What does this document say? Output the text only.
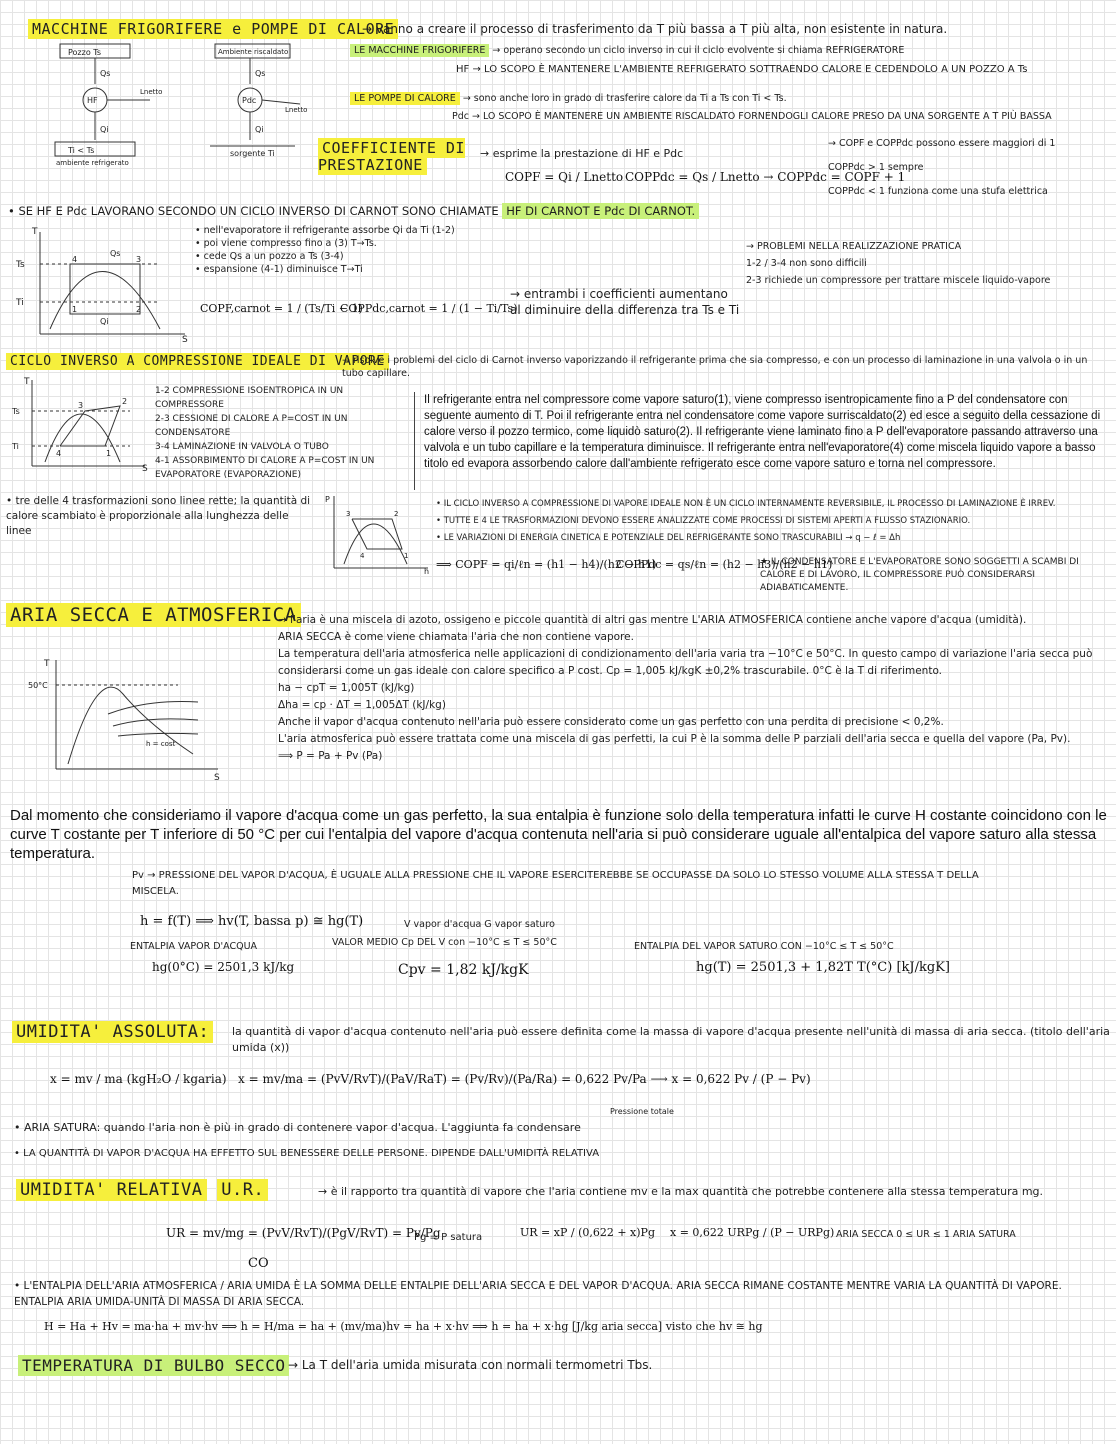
MACCHINE FRIGORIFERE e POMPE DI CALORE
→ vanno a creare il processo di trasferimento da T più bassa a T più alta, non esistente in natura.
Pozzo Ts
Qs
HF
Lnetto
Qi
Ti < Ts
ambiente refrigerato
Ambiente riscaldato
Qs
Pdc
Lnetto
Qi
sorgente Ti
LE MACCHINE FRIGORIFERE → operano secondo un ciclo inverso in cui il ciclo evolvente si chiama REFRIGERATORE
HF → LO SCOPO È MANTENERE L'AMBIENTE REFRIGERATO SOTTRAENDO CALORE E CEDENDOLO A UN POZZO A Ts
LE POMPE DI CALORE → sono anche loro in grado di trasferire calore da Ti a Ts con Ti < Ts.
Pdc → LO SCOPO È MANTENERE UN AMBIENTE RISCALDATO FORNENDOGLI CALORE PRESO DA UNA SORGENTE A T PIÙ BASSA
COEFFICIENTE DI PRESTAZIONE
→ esprime la prestazione di HF e Pdc
COPF = Qi / Lnetto COPPdc = Qs / Lnetto → COPPdc = COPF + 1
→ COPF e COPPdc possono essere maggiori di 1
COPPdc > 1 sempre
COPPdc < 1 funziona come una stufa elettrica
• SE HF E Pdc LAVORANO SECONDO UN CICLO INVERSO DI CARNOT SONO CHIAMATE HF DI CARNOT E Pdc DI CARNOT.
T
S
Ts
Ti
Qs
Qi
1	2
3
4
• nell'evaporatore il refrigerante assorbe Qi da Ti (1-2)
• poi viene compresso fino a (3) T→Ts.
• cede Qs a un pozzo a Ts (3-4)
• espansione (4-1) diminuisce T→Ti
COPF,carnot = 1 / (Ts/Ti − 1)
COPPdc,carnot = 1 / (1 − Ti/Ts)
→ entrambi i coefficienti aumentano al diminuire della differenza tra Ts e Ti
→ PROBLEMI NELLA REALIZZAZIONE PRATICA
1-2 / 3-4 non sono difficili
2-3 richiede un compressore per trattare miscele liquido-vapore
CICLO INVERSO A COMPRESSIONE IDEALE DI VAPORE
→ risolve i problemi del ciclo di Carnot inverso vaporizzando il refrigerante prima che sia compresso, e con un processo di laminazione in una valvola o in un tubo capillare.
T
S
Ts
Ti
1
2
3
4
1-2 COMPRESSIONE ISOENTROPICA IN UN COMPRESSORE
2-3 CESSIONE DI CALORE A P=COST IN UN CONDENSATORE
3-4 LAMINAZIONE IN VALVOLA O TUBO
4-1 ASSORBIMENTO DI CALORE A P=COST IN UN EVAPORATORE (EVAPORAZIONE)
Il refrigerante entra nel compressore come vapore saturo(1), viene compresso isentropicamente fino a P del condensatore con seguente aumento di T. Poi il refrigerante entra nel condensatore come vapore surriscaldato(2) ed esce a seguito della cessazione di calore verso il pozzo termico, come liquidò saturo(2). Il refrigerante viene laminato fino a P dell'evaporatore passando attraverso una valvola e un tubo capillare e la temperatura diminuisce. Il refrigerante entra nell'evaporatore(4) come miscela liquido vapore a basso titolo ed evapora assorbendo calore dall'ambiente refrigerato esce come vapore saturo e torna nel compressore.
• tre delle 4 trasformazioni sono linee rette; la quantità di calore scambiato è proporzionale alla lunghezza delle linee
P
h
1
2
3
4
• IL CICLO INVERSO A COMPRESSIONE DI VAPORE IDEALE NON È UN CICLO INTERNAMENTE REVERSIBILE, IL PROCESSO DI LAMINAZIONE È IRREV.
• TUTTE E 4 LE TRASFORMAZIONI DEVONO ESSERE ANALIZZATE COME PROCESSI DI SISTEMI APERTI A FLUSSO STAZIONARIO.
• LE VARIAZIONI DI ENERGIA CINETICA E POTENZIALE DEL REFRIGERANTE SONO TRASCURABILI → q − ℓ = Δh
⟹ COPF = qi/ℓn = (h1 − h4)/(h2 − h1)
COPPdc = qs/ℓn = (h2 − h3)/(h2 − h1)
★ IL CONDENSATORE E L'EVAPORATORE SONO SOGGETTI A SCAMBI DI CALORE E DI LAVORO, IL COMPRESSORE PUÒ CONSIDERARSI ADIABATICAMENTE.
ARIA SECCA E ATMOSFERICA
T
S
50°C
h = cost
→ l'aria è una miscela di azoto, ossigeno e piccole quantità di altri gas mentre L'ARIA ATMOSFERICA contiene anche vapore d'acqua (umidità).
ARIA SECCA è come viene chiamata l'aria che non contiene vapore.
La temperatura dell'aria atmosferica nelle applicazioni di condizionamento dell'aria varia tra −10°C e 50°C. In questo campo di variazione l'aria secca può considerarsi come un gas ideale con calore specifico a P cost. Cp = 1,005 kJ/kgK ±0,2% trascurabile. 0°C è la T di riferimento.
ha − cpT = 1,005T (kJ/kg)
Δha = cp · ΔT = 1,005ΔT (kJ/kg)
Anche il vapor d'acqua contenuto nell'aria può essere considerato come un gas perfetto con una perdita di precisione < 0,2%.
L'aria atmosferica può essere trattata come una miscela di gas perfetti, la cui P è la somma delle P parziali dell'aria secca e quella del vapore (Pa, Pv).
⟹ P = Pa + Pv (Pa)
Dal momento che consideriamo il vapore d'acqua come un gas perfetto, la sua entalpia è funzione solo della temperatura infatti le curve H costante coincidono con le curve T costante per T inferiore di 50 °C per cui l'entalpia del vapore d'acqua contenuta nell'aria si può considerare uguale all'entalpica del vapore saturo alla stessa temperatura.
Pv → PRESSIONE DEL VAPOR D'ACQUA, È UGUALE ALLA PRESSIONE CHE IL VAPORE ESERCITEREBBE SE OCCUPASSE DA SOLO LO STESSO VOLUME ALLA STESSA T DELLA MISCELA.
h = f(T) ⟹ hv(T, bassa p) ≅ hg(T)	V vapor d'acqua G vapor saturo
ENTALPIA VAPOR D'ACQUA
hg(0°C) = 2501,3 kJ/kg
VALOR MEDIO Cp DEL V con −10°C ≤ T ≤ 50°C
Cpv = 1,82 kJ/kgK
ENTALPIA DEL VAPOR SATURO CON −10°C ≤ T ≤ 50°C
hg(T) = 2501,3 + 1,82T T(°C) [kJ/kgK]
UMIDITA' ASSOLUTA:	la quantità di vapor d'acqua contenuto nell'aria può essere definita come la massa di vapore d'acqua presente nell'unità di massa di aria secca. (titolo dell'aria umida (x))
x = mv / ma (kgH₂O / kgaria) x = mv/ma = (PvV/RvT)/(PaV/RaT) = (Pv/Rv)/(Pa/Ra) = 0,622 Pv/Pa ⟶ x = 0,622 Pv / (P − Pv)
Pressione totale
• ARIA SATURA: quando l'aria non è più in grado di contenere vapor d'acqua. L'aggiunta fa condensare
• LA QUANTITÀ DI VAPOR D'ACQUA HA EFFETTO SUL BENESSERE DELLE PERSONE. DIPENDE DALL'UMIDITÀ RELATIVA
UMIDITA' RELATIVA U.R.	→ è il rapporto tra quantità di vapore che l'aria contiene mv e la max quantità che potrebbe contenere alla stessa temperatura mg.
UR = mv/mg = (PvV/RvT)/(PgV/RvT) = Pv/Pg
Pg = P satura	UR = xP / (0,622 + x)Pg x = 0,622 URPg / (P − URPg) ARIA SECCA 0 ≤ UR ≤ 1 ARIA SATURA
CO
• L'ENTALPIA DELL'ARIA ATMOSFERICA / ARIA UMIDA È LA SOMMA DELLE ENTALPIE DELL'ARIA SECCA E DEL VAPOR D'ACQUA. ARIA SECCA RIMANE COSTANTE MENTRE VARIA LA QUANTITÀ DI VAPORE. ENTALPIA ARIA UMIDA-UNITÀ DI MASSA DI ARIA SECCA.
H = Ha + Hv = ma·ha + mv·hv ⟹ h = H/ma = ha + (mv/ma)hv = ha + x·hv ⟹ h = ha + x·hg [J/kg aria secca] visto che hv ≅ hg
TEMPERATURA DI BULBO SECCO → La T dell'aria umida misurata con normali termometri Tbs.
